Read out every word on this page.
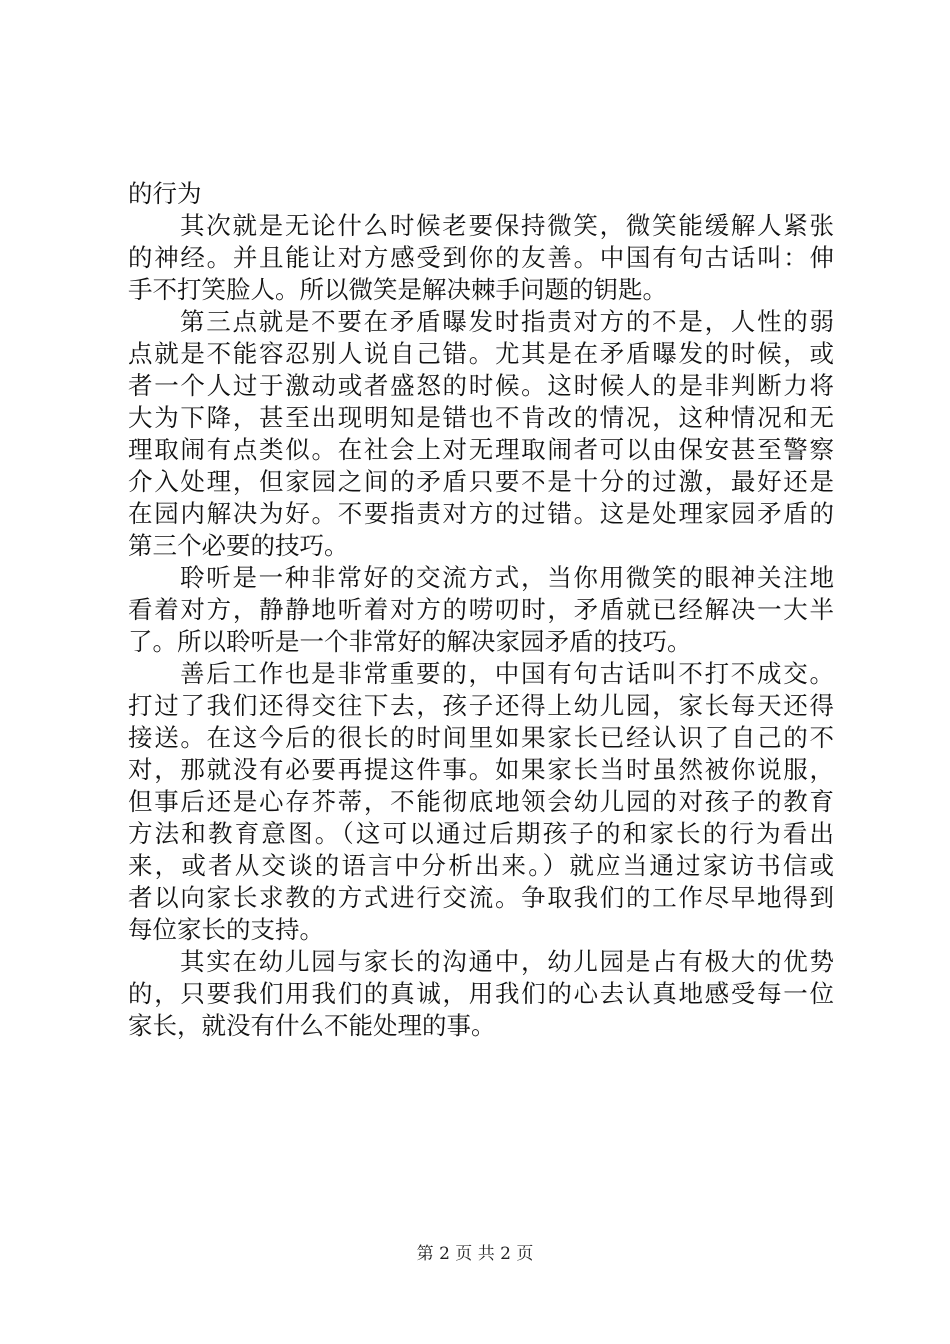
的行为
其次就是无论什么时候老要保持微笑，微笑能缓解人紧张
的神经。并且能让对方感受到你的友善。中国有句古话叫：伸
手不打笑脸人。所以微笑是解决棘手问题的钥匙。
第三点就是不要在矛盾曝发时指责对方的不是，人性的弱
点就是不能容忍别人说自己错。尤其是在矛盾曝发的时候，或
者一个人过于激动或者盛怒的时候。这时候人的是非判断力将
大为下降，甚至出现明知是错也不肯改的情况，这种情况和无
理取闹有点类似。在社会上对无理取闹者可以由保安甚至警察
介入处理，但家园之间的矛盾只要不是十分的过激，最好还是
在园内解决为好。不要指责对方的过错。这是处理家园矛盾的
第三个必要的技巧。
聆听是一种非常好的交流方式，当你用微笑的眼神关注地
看着对方，静静地听着对方的唠叨时，矛盾就已经解决一大半
了。所以聆听是一个非常好的解决家园矛盾的技巧。
善后工作也是非常重要的，中国有句古话叫不打不成交。
打过了我们还得交往下去，孩子还得上幼儿园，家长每天还得
接送。在这今后的很长的时间里如果家长已经认识了自己的不
对，那就没有必要再提这件事。如果家长当时虽然被你说服，
但事后还是心存芥蒂，不能彻底地领会幼儿园的对孩子的教育
方法和教育意图。（这可以通过后期孩子的和家长的行为看出
来，或者从交谈的语言中分析出来。）就应当通过家访书信或
者以向家长求教的方式进行交流。争取我们的工作尽早地得到
每位家长的支持。
其实在幼儿园与家长的沟通中，幼儿园是占有极大的优势
的，只要我们用我们的真诚，用我们的心去认真地感受每一位
家长，就没有什么不能处理的事。
第 2 页 共 2 页
